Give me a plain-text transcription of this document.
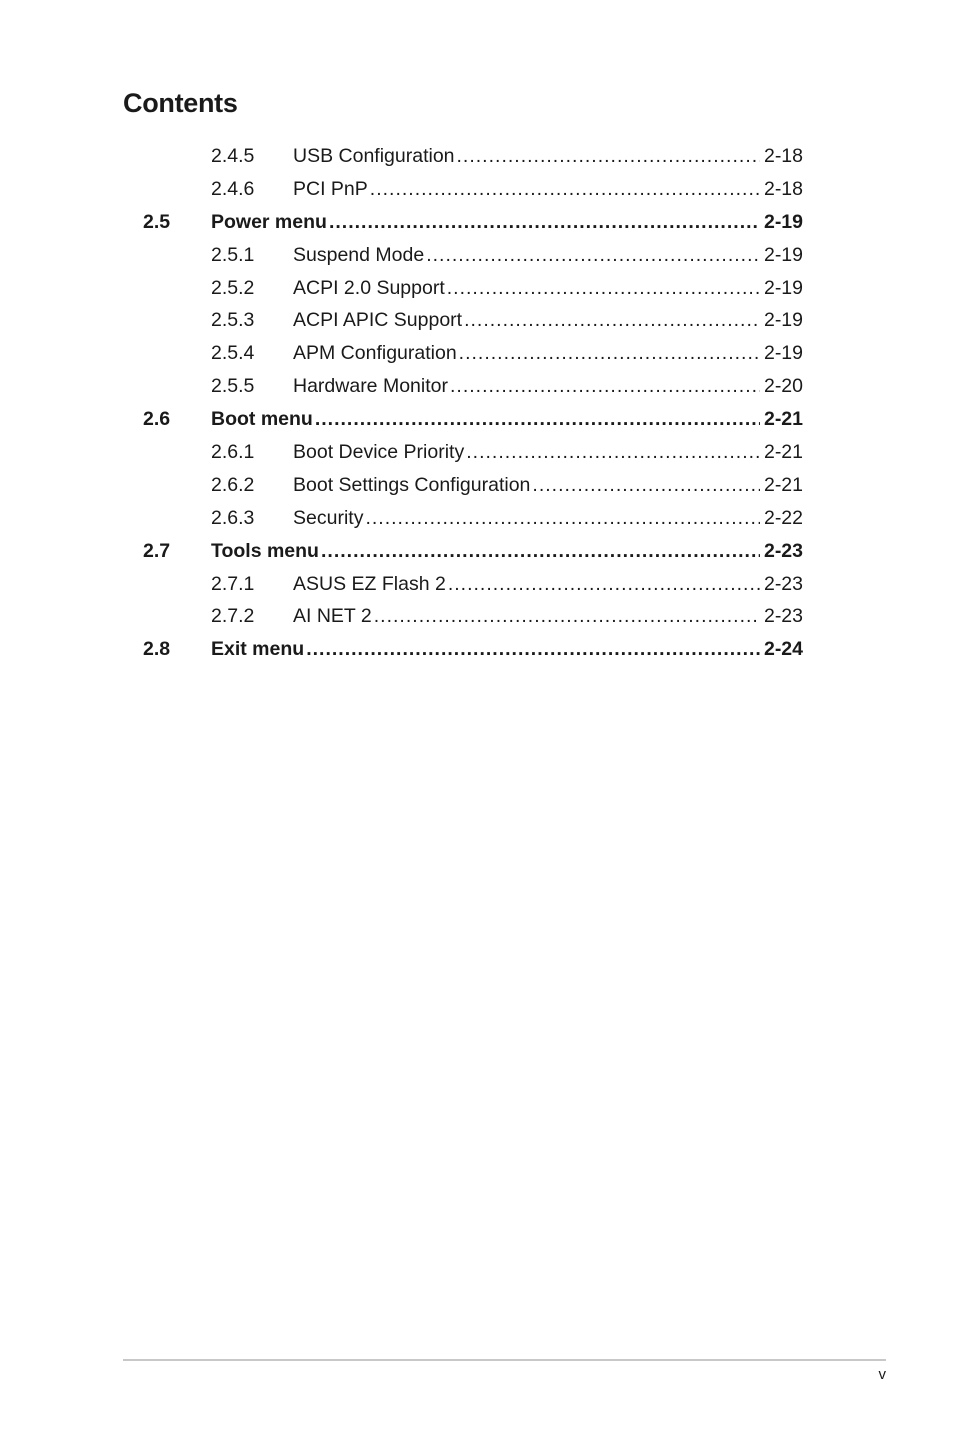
Contents
2.4.5 USB Configuration .....	2-18
2.4.6 PCI PnP .....	2-18
2.5 Power menu .....	2-19
2.5.1 Suspend Mode .....	2-19
2.5.2 ACPI 2.0 Support .....	2-19
2.5.3 ACPI APIC Support .....	2-19
2.5.4 APM Configuration .....	2-19
2.5.5 Hardware Monitor .....	2-20
2.6 Boot menu .....	2-21
2.6.1 Boot Device Priority .....	2-21
2.6.2 Boot Settings Configuration .....	2-21
2.6.3 Security .....	2-22
2.7 Tools menu .....	2-23
2.7.1 ASUS EZ Flash 2 .....	2-23
2.7.2 AI NET 2 .....	2-23
2.8 Exit menu .....	2-24
v
